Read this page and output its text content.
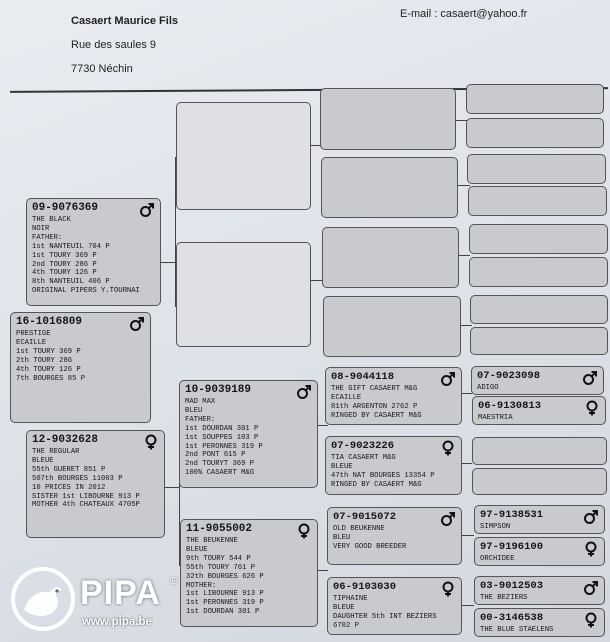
Casaert Maurice Fils
Rue des saules 9
7730 Néchin
E-mail : casaert@yahoo.fr
09-9076369
THE BLACK
NOIR
FATHER:
1st NANTEUIL 704 P
1st TOURY 369 P
2nd TOURY 286 P
4th TOURY 126 P
8th NANTEUIL 406 P
ORIGINAL PIPERS Y.TOURNAI
16-1016809
PRESTIGE
ECAILLE
1st TOURY 369 P
2th TOURY 286
4th TOURY 126 P
7th BOURGES 85 P
12-9032628
THE REGULAR
BLEUE
55th GUERET 851 P
507th BOURGES 11003 P
10 PRICES IN 2012
SISTER 1st LIBOURNE 913 P
MOTHER 4th CHATEAUX 4705P
10-9039189
MAD MAX
BLEU
FATHER:
1st DOURDAN 301 P
1st SOUPPES 103 P
1st PERONNES 319 P
2nd PONT 615 P
2nd TOURYT 369 P
100% CASAERT M&G
11-9055002
THE BEUKENNE
BLEUE
9th TOURY 544 P
55th TOURY 761 P
32th BOURGES 626 P
MOTHER:
1st LIBOURNE 913 P
1st PERONNES 319 P
1st DOURDAN 301 P
08-9044118
THE GIFT CASAERT M&G
ECAILLE
81th ARGENTON 2762 P
RINGED BY CASAERT M&G
07-9023226
TIA CASAERT M&G
BLEUE
47th NAT BOURGES 13354 P
RINGED BY CASAERT M&G
07-9015072
OLD BEUKENNE
BLEU
VERY GOOD BREEDER
06-9103030
TIPHAINE
BLEUE
DAUGHTER 5th INT BEZIERS
6702 P
07-9023098
ADIGO
06-9130813
MAESTRIA
97-9138531
SIMPSON
97-9196100
ORCHIDEE
03-9012503
THE BEZIERS
00-3146538
THE BLUE STAELENS
PIPA ®
www.pipa.be
